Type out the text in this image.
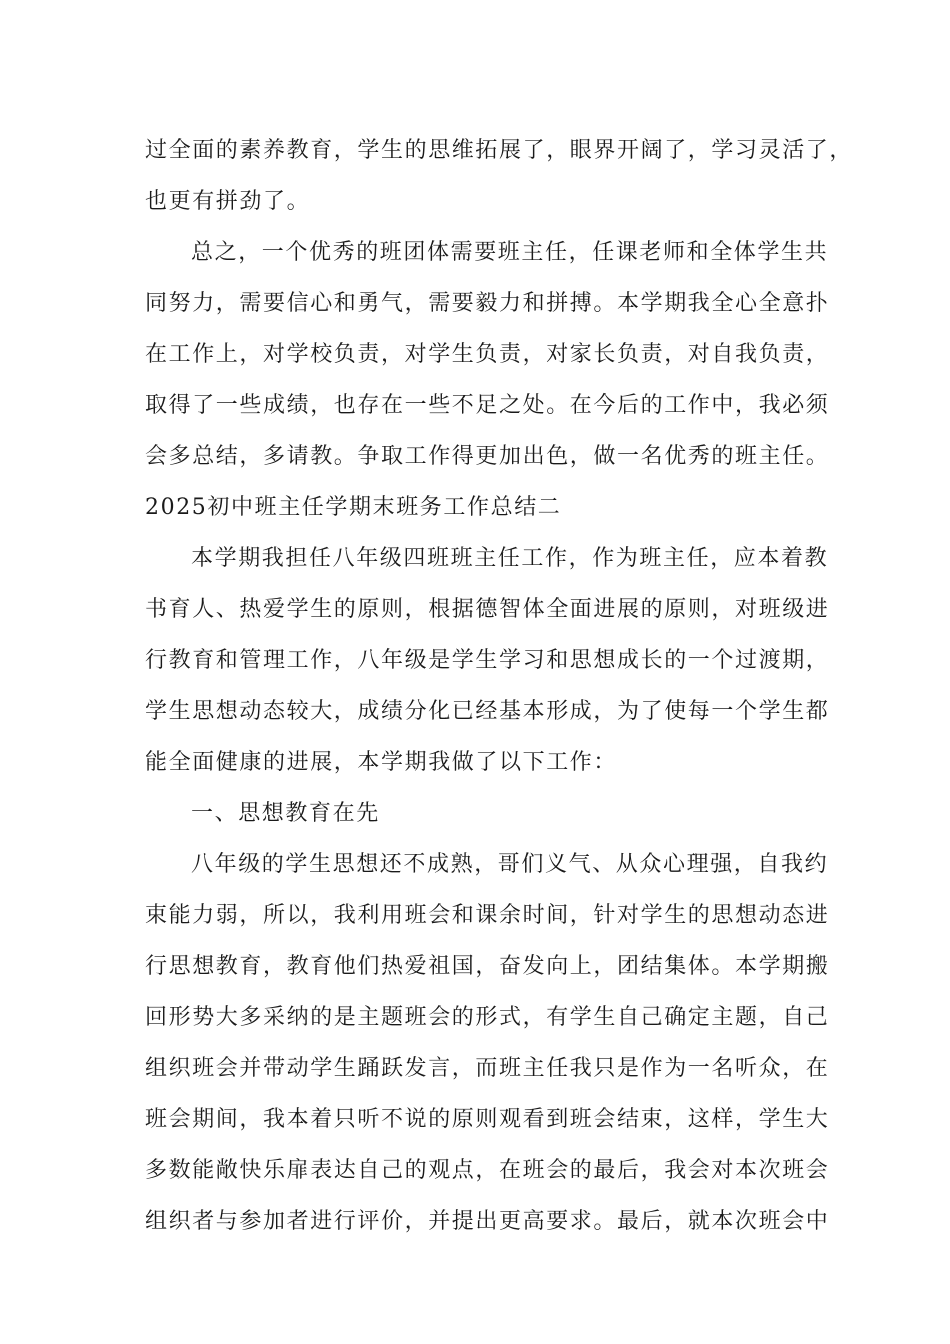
过全面的素养教育，学生的思维拓展了，眼界开阔了，学习灵活了，

也更有拼劲了。

总之，一个优秀的班团体需要班主任，任课老师和全体学生共

同努力，需要信心和勇气，需要毅力和拼搏。本学期我全心全意扑

在工作上，对学校负责，对学生负责，对家长负责，对自我负责，

取得了一些成绩，也存在一些不足之处。在今后的工作中，我必须

会多总结，多请教。争取工作得更加出色，做一名优秀的班主任。

2025初中班主任学期末班务工作总结二

本学期我担任八年级四班班主任工作，作为班主任，应本着教

书育人、热爱学生的原则，根据德智体全面进展的原则，对班级进

行教育和管理工作，八年级是学生学习和思想成长的一个过渡期，

学生思想动态较大，成绩分化已经基本形成，为了使每一个学生都

能全面健康的进展，本学期我做了以下工作：

一、思想教育在先

八年级的学生思想还不成熟，哥们义气、从众心理强，自我约

束能力弱，所以，我利用班会和课余时间，针对学生的思想动态进

行思想教育，教育他们热爱祖国，奋发向上，团结集体。本学期搬

回形势大多采纳的是主题班会的形式，有学生自己确定主题，自己

组织班会并带动学生踊跃发言，而班主任我只是作为一名听众，在

班会期间，我本着只听不说的原则观看到班会结束，这样，学生大

多数能敞快乐扉表达自己的观点，在班会的最后，我会对本次班会

组织者与参加者进行评价，并提出更高要求。最后，就本次班会中
